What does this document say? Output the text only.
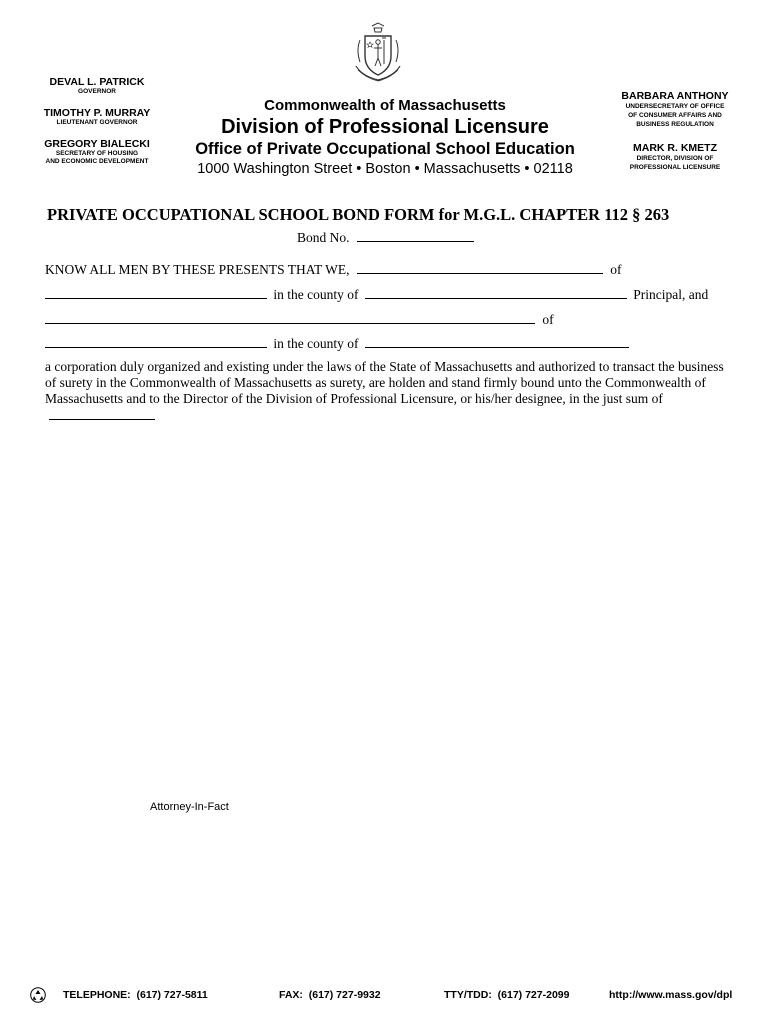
DEVAL L. PATRICK
GOVERNOR
TIMOTHY P. MURRAY
LIEUTENANT GOVERNOR
GREGORY BIALECKI
SECRETARY OF HOUSING
AND ECONOMIC DEVELOPMENT
Commonwealth of Massachusetts
Division of Professional Licensure
Office of Private Occupational School Education
1000 Washington Street • Boston • Massachusetts • 02118
BARBARA ANTHONY
UNDERSECRETARY OF OFFICE
OF CONSUMER AFFAIRS AND
BUSINESS REGULATION
MARK R. KMETZ
DIRECTOR, DIVISION OF
PROFESSIONAL LICENSURE
PRIVATE OCCUPATIONAL SCHOOL BOND FORM for M.G.L. CHAPTER 112 § 263
Bond No.
KNOW ALL MEN BY THESE PRESENTS THAT WE,	of
in the county of	Principal, and
of
in the county of
a corporation duly organized and existing under the laws of the State of Massachusetts and authorized to transact the business of surety in the Commonwealth of Massachusetts as surety, are holden and stand firmly bound unto the Commonwealth of Massachusetts and to the Director of the Division of Professional Licensure, or his/her designee, in the just sum of
Attorney-In-Fact
TELEPHONE:  (617) 727-5811	FAX:  (617) 727-9932	TTY/TDD:  (617) 727-2099	http://www.mass.gov/dpl
